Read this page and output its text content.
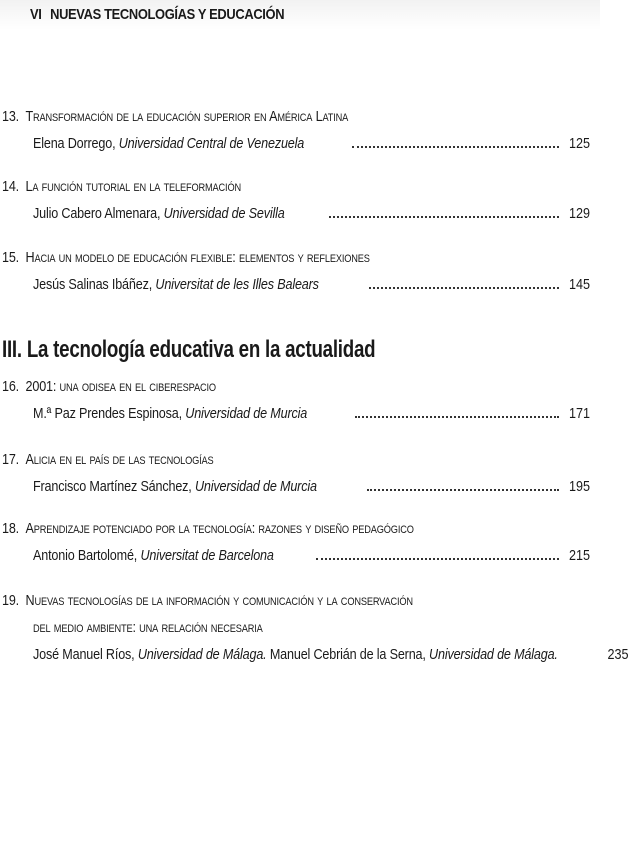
VI NUEVAS TECNOLOGÍAS Y EDUCACIÓN
13. Transformación de la educación superior en América Latina
Elena Dorrego, Universidad Central de Venezuela	125
14. La función tutorial en la teleformación
Julio Cabero Almenara, Universidad de Sevilla	129
15. Hacia un modelo de educación flexible: elementos y reflexiones
Jesús Salinas Ibáñez, Universitat de les Illes Balears	145
III. La tecnología educativa en la actualidad
16. 2001: una odisea en el ciberespacio
M.ª Paz Prendes Espinosa, Universidad de Murcia	171
17. Alicia en el país de las tecnologías
Francisco Martínez Sánchez, Universidad de Murcia	195
18. Aprendizaje potenciado por la tecnología: razones y diseño pedagógico
Antonio Bartolomé, Universitat de Barcelona	215
19. Nuevas tecnologías de la información y comunicación y la conservación
del medio ambiente: una relación necesaria
José Manuel Ríos, Universidad de Málaga. Manuel Cebrián de la Serna, Universidad de Málaga.	235
